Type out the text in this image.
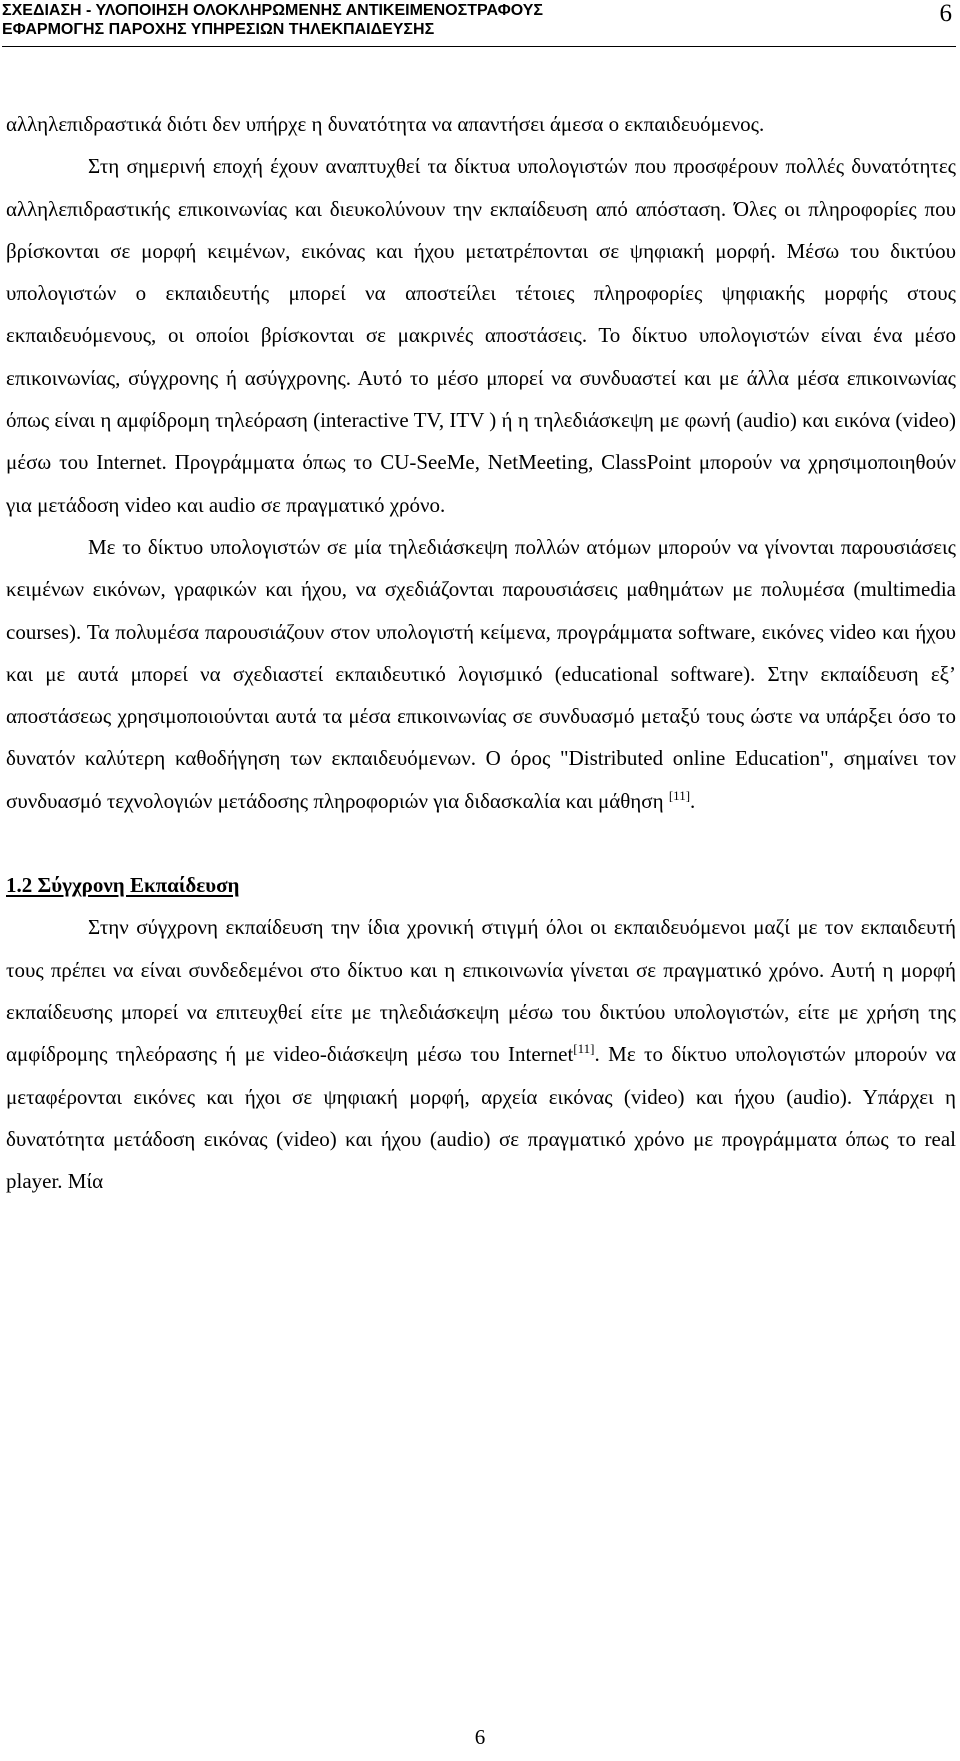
ΣΧΕΔΙΑΣΗ - ΥΛΟΠΟΙΗΣΗ ΟΛΟΚΛΗΡΩΜΕΝΗΣ ΑΝΤΙΚΕΙΜΕΝΟΣΤΡΑΦΟΥΣ
ΕΦΑΡΜΟΓΗΣ ΠΑΡΟΧΗΣ ΥΠΗΡΕΣΙΩΝ ΤΗΛΕΚΠΑΙΔΕΥΣΗΣ
6

αλληλεπιδραστικά διότι δεν υπήρχε η δυνατότητα να απαντήσει άμεσα ο εκπαιδευόμενος.

Στη σημερινή εποχή έχουν αναπτυχθεί τα δίκτυα υπολογιστών που προσφέρουν πολλές δυνατότητες αλληλεπιδραστικής επικοινωνίας και διευκολύνουν την εκπαίδευση από απόσταση. Όλες οι πληροφορίες που βρίσκονται σε μορφή κειμένων, εικόνας και ήχου μετατρέπονται σε ψηφιακή μορφή. Μέσω του δικτύου υπολογιστών ο εκπαιδευτής μπορεί να αποστείλει τέτοιες πληροφορίες ψηφιακής μορφής στους εκπαιδευόμενους, οι οποίοι βρίσκονται σε μακρινές αποστάσεις. Το δίκτυο υπολογιστών είναι ένα μέσο επικοινωνίας, σύγχρονης ή ασύγχρονης. Αυτό το μέσο μπορεί να συνδυαστεί και με άλλα μέσα επικοινωνίας όπως είναι η αμφίδρομη τηλεόραση (interactive TV, ITV ) ή η τηλεδιάσκεψη με φωνή (audio) και εικόνα (video) μέσω του Internet. Προγράμματα όπως το CU-SeeMe, NetMeeting, ClassPoint μπορούν να χρησιμοποιηθούν για μετάδοση video και audio σε πραγματικό χρόνο.

Με το δίκτυο υπολογιστών σε μία τηλεδιάσκεψη πολλών ατόμων μπορούν να γίνονται παρουσιάσεις κειμένων εικόνων, γραφικών και ήχου, να σχεδιάζονται παρουσιάσεις μαθημάτων με πολυμέσα (multimedia courses). Τα πολυμέσα παρουσιάζουν στον υπολογιστή κείμενα, προγράμματα software, εικόνες video και ήχου και με αυτά μπορεί να σχεδιαστεί εκπαιδευτικό λογισμικό (educational software). Στην εκπαίδευση εξ’ αποστάσεως χρησιμοποιούνται αυτά τα μέσα επικοινωνίας σε συνδυασμό μεταξύ τους ώστε να υπάρξει όσο το δυνατόν καλύτερη καθοδήγηση των εκπαιδευόμενων. Ο όρος "Distributed online Education", σημαίνει τον συνδυασμό τεχνολογιών μετάδοσης πληροφοριών για διδασκαλία και μάθηση [11].

1.2 Σύγχρονη Εκπαίδευση

Στην σύγχρονη εκπαίδευση την ίδια χρονική στιγμή όλοι οι εκπαιδευόμενοι μαζί με τον εκπαιδευτή τους πρέπει να είναι συνδεδεμένοι στο δίκτυο και η επικοινωνία γίνεται σε πραγματικό χρόνο. Αυτή η μορφή εκπαίδευσης μπορεί να επιτευχθεί είτε με τηλεδιάσκεψη μέσω του δικτύου υπολογιστών, είτε με χρήση της αμφίδρομης τηλεόρασης ή με video-διάσκεψη μέσω του Internet[11]. Με το δίκτυο υπολογιστών μπορούν να μεταφέρονται εικόνες και ήχοι σε ψηφιακή μορφή, αρχεία εικόνας (video) και ήχου (audio). Υπάρχει η δυνατότητα μετάδοση εικόνας (video) και ήχου (audio) σε πραγματικό χρόνο με προγράμματα όπως το real player. Μία

6
